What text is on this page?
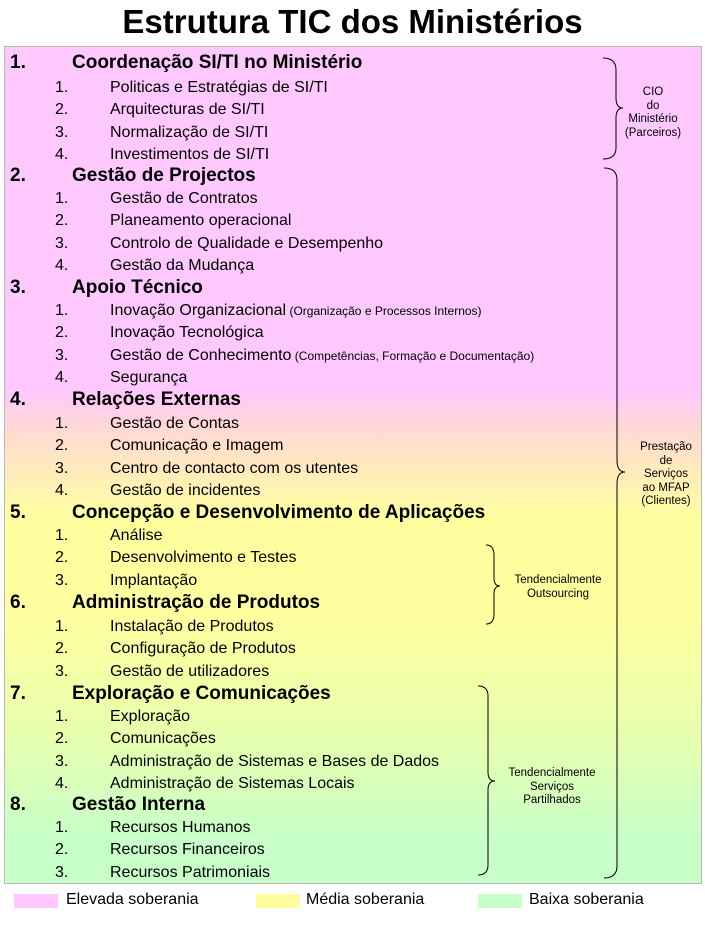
Estrutura TIC dos Ministérios
1. Coordenação SI/TI no Ministério
1.	Politicas e Estratégias de SI/TI
2.	Arquitecturas de SI/TI
3.	Normalização de SI/TI
4.	Investimentos de SI/TI
2. Gestão de Projectos
1.	Gestão de Contratos
2.	Planeamento operacional
3.	Controlo de Qualidade e Desempenho
4.	Gestão da Mudança
3. Apoio Técnico
1.	Inovação Organizacional (Organização e Processos Internos)
2.	Inovação Tecnológica
3.	Gestão de Conhecimento (Competências, Formação e Documentação)
4.	Segurança
4. Relações Externas
1.	Gestão de Contas
2.	Comunicação e Imagem
3.	Centro de contacto com os utentes
4.	Gestão de incidentes
5. Concepção e Desenvolvimento de Aplicações
1.	Análise
2.	Desenvolvimento e Testes
3.	Implantação
6. Administração de Produtos
1.	Instalação de Produtos
2.	Configuração de Produtos
3.	Gestão de utilizadores
7. Exploração e Comunicações
1.	Exploração
2.	Comunicações
3.	Administração de Sistemas e Bases de Dados
4.	Administração de Sistemas Locais
8. Gestão Interna
1.	Recursos Humanos
2.	Recursos Financeiros
3.	Recursos Patrimoniais
CIO
do
Ministério
(Parceiros)
Prestação
de
Serviços
ao MFAP
(Clientes)
Tendencialmente
Outsourcing
Tendencialmente
Serviços
Partilhados
Elevada soberania	Média soberania	Baixa soberania
